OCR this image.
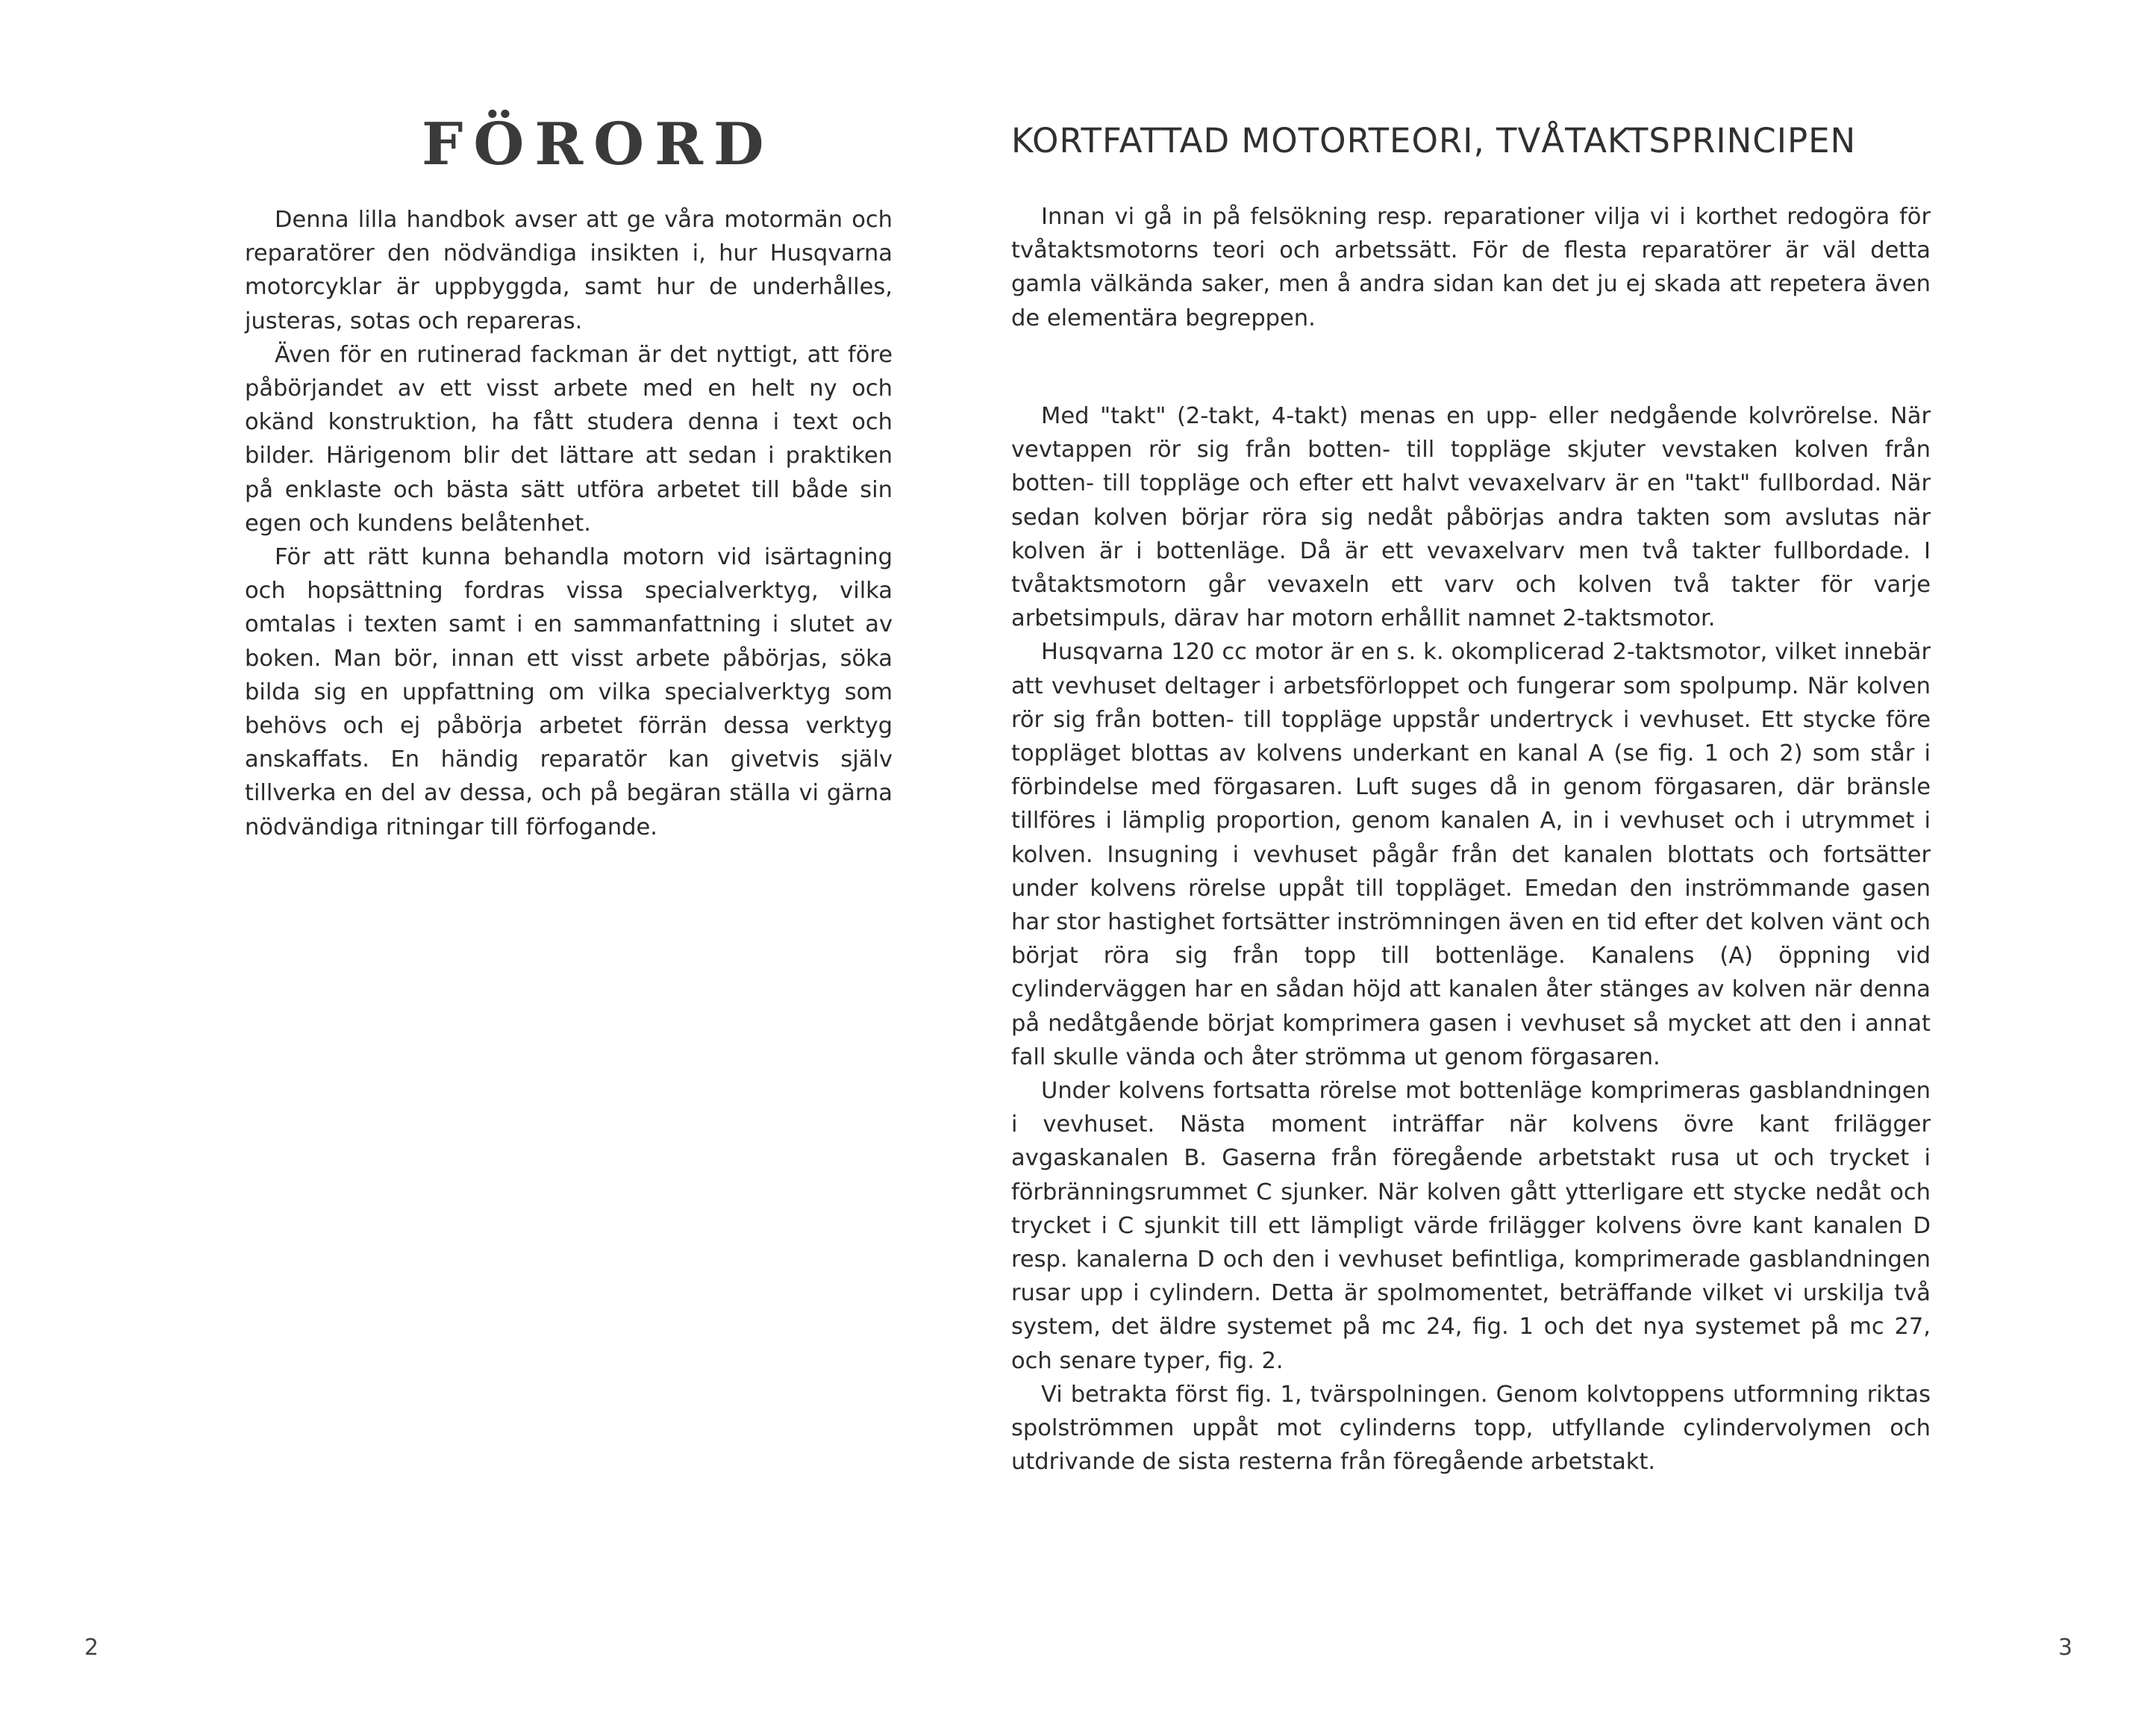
FÖRORD

Denna lilla handbok avser att ge våra motormän och reparatörer den nödvändiga insikten i, hur Husqvarna motorcyklar är uppbyggda, samt hur de underhålles, justeras, sotas och repareras.

Även för en rutinerad fackman är det nyttigt, att före påbörjandet av ett visst arbete med en helt ny och okänd konstruktion, ha fått studera denna i text och bilder. Härigenom blir det lättare att sedan i praktiken på enklaste och bästa sätt utföra arbetet till både sin egen och kundens belåtenhet.

För att rätt kunna behandla motorn vid isärtagning och hopsättning fordras vissa specialverktyg, vilka omtalas i texten samt i en sammanfattning i slutet av boken. Man bör, innan ett visst arbete påbörjas, söka bilda sig en uppfattning om vilka specialverktyg som behövs och ej påbörja arbetet förrän dessa verktyg anskaffats. En händig reparatör kan givetvis själv tillverka en del av dessa, och på begäran ställa vi gärna nödvändiga ritningar till förfogande.

2
KORTFATTAD MOTORTEORI, TVÅTAKTSPRINCIPEN

Innan vi gå in på felsökning resp. reparationer vilja vi i korthet redogöra för tvåtaktsmotorns teori och arbetssätt. För de flesta reparatörer är väl detta gamla välkända saker, men å andra sidan kan det ju ej skada att repetera även de elementära begreppen.

Med "takt" (2-takt, 4-takt) menas en upp- eller nedgående kolvrörelse. När vevtappen rör sig från botten- till toppläge skjuter vevstaken kolven från botten- till toppläge och efter ett halvt vevaxelvarv är en "takt" fullbordad. När sedan kolven börjar röra sig nedåt påbörjas andra takten som avslutas när kolven är i bottenläge. Då är ett vevaxelvarv men två takter fullbordade. I tvåtaktsmotorn går vevaxeln ett varv och kolven två takter för varje arbetsimpuls, därav har motorn erhållit namnet 2-taktsmotor.

Husqvarna 120 cc motor är en s. k. okomplicerad 2-taktsmotor, vilket innebär att vevhuset deltager i arbetsförloppet och fungerar som spolpump. När kolven rör sig från botten- till toppläge uppstår undertryck i vevhuset. Ett stycke före toppläget blottas av kolvens underkant en kanal A (se fig. 1 och 2) som står i förbindelse med förgasaren. Luft suges då in genom förgasaren, där bränsle tillföres i lämplig proportion, genom kanalen A, in i vevhuset och i utrymmet i kolven. Insugning i vevhuset pågår från det kanalen blottats och fortsätter under kolvens rörelse uppåt till toppläget. Emedan den inströmmande gasen har stor hastighet fortsätter inströmningen även en tid efter det kolven vänt och börjat röra sig från topp till bottenläge. Kanalens (A) öppning vid cylinderväggen har en sådan höjd att kanalen åter stänges av kolven när denna på nedåtgående börjat komprimera gasen i vevhuset så mycket att den i annat fall skulle vända och åter strömma ut genom förgasaren.

Under kolvens fortsatta rörelse mot bottenläge komprimeras gasblandningen i vevhuset. Nästa moment inträffar när kolvens övre kant frilägger avgaskanalen B. Gaserna från föregående arbetstakt rusa ut och trycket i förbränningsrummet C sjunker. När kolven gått ytterligare ett stycke nedåt och trycket i C sjunkit till ett lämpligt värde frilägger kolvens övre kant kanalen D resp. kanalerna D och den i vevhuset befintliga, komprimerade gasblandningen rusar upp i cylindern. Detta är spolmomentet, beträffande vilket vi urskilja två system, det äldre systemet på mc 24, fig. 1 och det nya systemet på mc 27, och senare typer, fig. 2.

Vi betrakta först fig. 1, tvärspolningen. Genom kolvtoppens utformning riktas spolströmmen uppåt mot cylinderns topp, utfyllande cylindervolymen och utdrivande de sista resterna från föregående arbetstakt.

3
